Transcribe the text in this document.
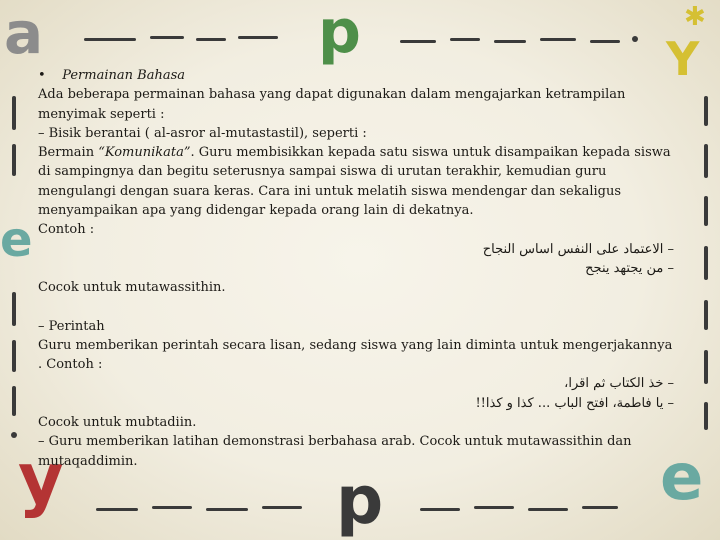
a	p	✱
Y
e
y	p	e
• Permainan Bahasa
Ada beberapa permainan bahasa yang dapat digunakan dalam mengajarkan ketrampilan
menyimak seperti :
– Bisik berantai ( al-asror al-mutastastil), seperti :
Bermain “Komunikata”. Guru membisikkan kepada satu siswa untuk disampaikan kepada siswa
di sampingnya dan begitu seterusnya sampai siswa di urutan terakhir, kemudian guru
mengulangi dengan suara keras. Cara ini untuk melatih siswa mendengar dan sekaligus
menyampaikan apa yang didengar kepada orang lain di dekatnya.
Contoh :
– الاعتماد على النفس اساس النجاح
– من يجتهد ينجح
Cocok untuk mutawassithin.
– Perintah
Guru memberikan perintah secara lisan, sedang siswa yang lain diminta untuk mengerjakannya
. Contoh :
– خذ الكتاب ثم اقرا،
– يا فاطمة، افتح الباب ... كذا و كذا!!
Cocok untuk mubtadiin.
– Guru memberikan latihan demonstrasi berbahasa arab. Cocok untuk mutawassithin dan
mutaqaddimin.
